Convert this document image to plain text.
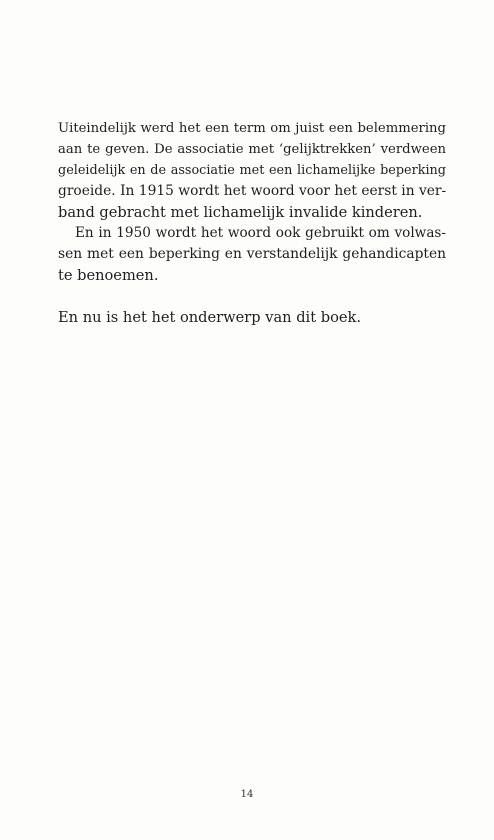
Uiteindelijk werd het een term om juist een belemmering
aan te geven. De associatie met ‘gelijktrekken’ verdween
geleidelijk en de associatie met een lichamelijke beperking
groeide. In 1915 wordt het woord voor het eerst in ver-
band gebracht met lichamelijk invalide kinderen.
En in 1950 wordt het woord ook gebruikt om volwas-
sen met een beperking en verstandelijk gehandicapten
te benoemen.
En nu is het het onderwerp van dit boek.
14
